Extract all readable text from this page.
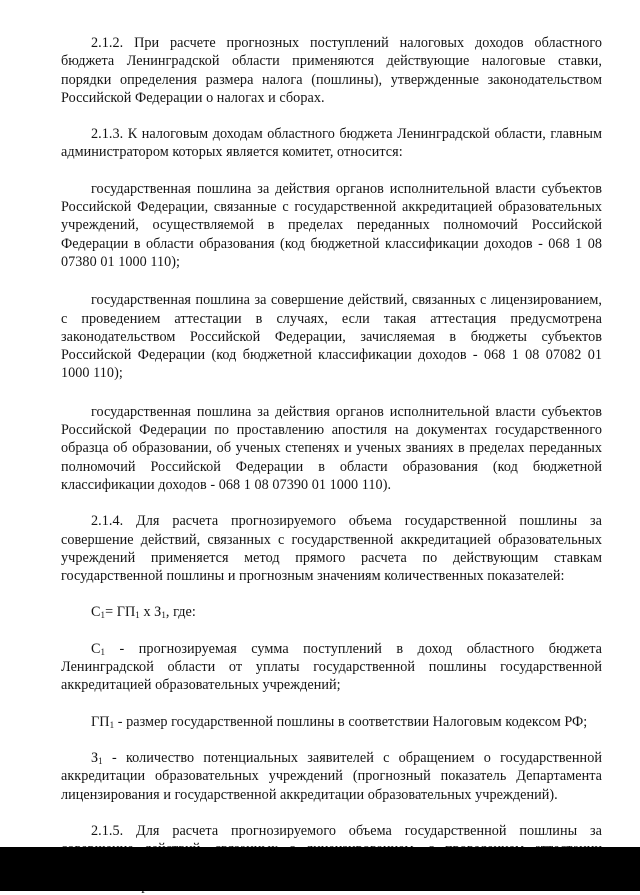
2.1.2. При расчете прогнозных поступлений налоговых доходов областного бюджета Ленинградской области применяются действующие налоговые ставки, порядки определения размера налога (пошлины), утвержденные законодательством Российской Федерации о налогах и сборах.

2.1.3. К налоговым доходам областного бюджета Ленинградской области, главным администратором которых является комитет, относится:

государственная пошлина за действия органов исполнительной власти субъектов Российской Федерации, связанные с государственной аккредитацией образовательных учреждений, осуществляемой в пределах переданных полномочий Российской Федерации в области образования (код бюджетной классификации доходов - 068 1 08 07380 01 1000 110);

государственная пошлина за совершение действий, связанных с лицензированием, с проведением аттестации в случаях, если такая аттестация предусмотрена законодательством Российской Федерации, зачисляемая в бюджеты субъектов Российской Федерации (код бюджетной классификации доходов - 068 1 08 07082 01 1000 110);

государственная пошлина за действия органов исполнительной власти субъектов Российской Федерации по проставлению апостиля на документах государственного образца об образовании, об ученых степенях и ученых званиях в пределах переданных полномочий Российской Федерации в области образования (код бюджетной классификации доходов - 068 1 08 07390 01 1000 110).

2.1.4. Для расчета прогнозируемого объема государственной пошлины за совершение действий, связанных с государственной аккредитацией образовательных учреждений применяется метод прямого расчета по действующим ставкам государственной пошлины и прогнозным значениям количественных показателей:

$С_1= ГП_1$ х $З_1$, где:

$С_1$ - прогнозируемая сумма поступлений в доход областного бюджета Ленинградской области от уплаты государственной пошлины государственной аккредитацией образовательных учреждений;

$ГП_1$ - размер государственной пошлины в соответствии Налоговым кодексом РФ;

$З_1$ - количество потенциальных заявителей с обращением о государственной аккредитации образовательных учреждений (прогнозный показатель Департамента лицензирования и государственной аккредитации образовательных учреждений).

2.1.5. Для расчета прогнозируемого объема государственной пошлины за
